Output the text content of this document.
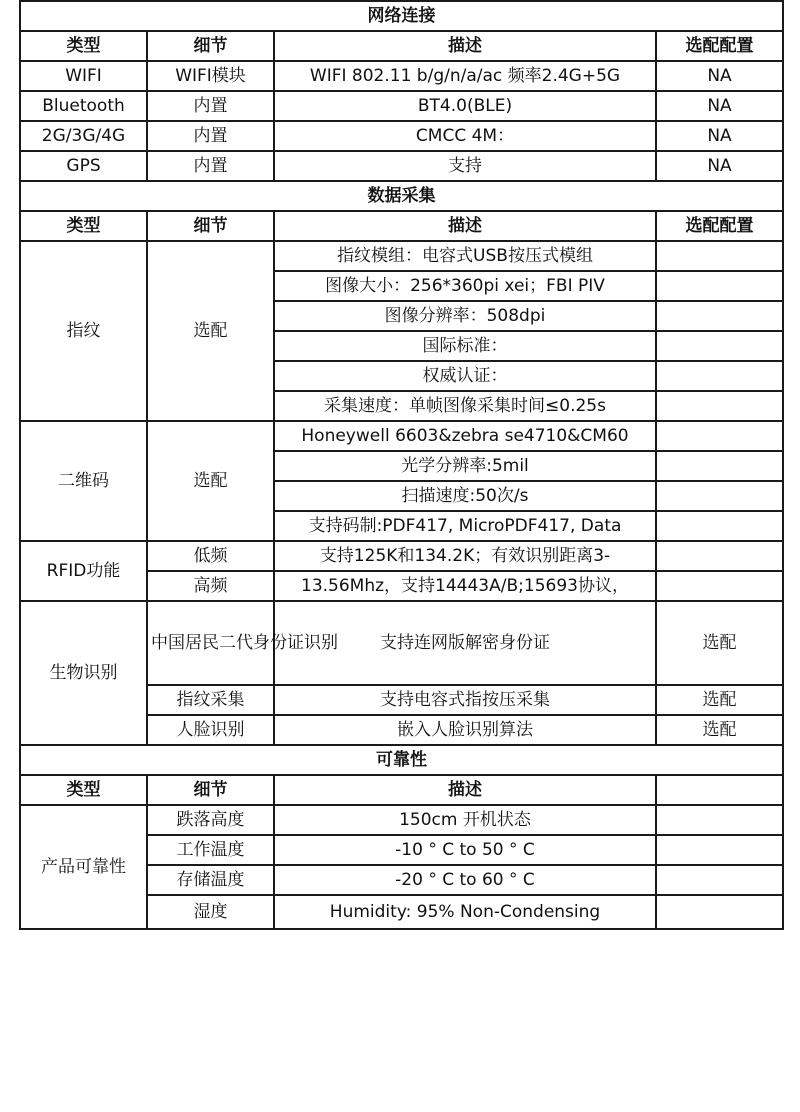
网络连接			
类型	细节	描述	选配配置
WIFI	WIFI模块	WIFI 802.11 b/g/n/a/ac 频率2.4G+5G	NA
Bluetooth	内置	BT4.0(BLE)	NA
2G/3G/4G	内置	CMCC 4M：	NA
GPS	内置	支持	NA
数据采集			
类型	细节	描述	选配配置
指纹	选配	指纹模组：电容式USB按压式模组	
		图像大小：256*360pi xei；FBI PIV	
		图像分辨率：508dpi	
		国际标准：	
		权威认证：	
		采集速度：单帧图像采集时间≤0.25s	
二维码	选配	Honeywell 6603&zebra se4710&CM60	
		光学分辨率:5mil	
		扫描速度:50次/s	
		支持码制:PDF417, MicroPDF417, Data	
RFID功能	低频	支持125K和134.2K；有效识别距离3-	
	高频	13.56Mhz，支持14443A/B;15693协议，	
生物识别	中国居民二代身份证识别	支持连网版解密身份证	选配
	指纹采集	支持电容式指按压采集	选配
	人脸识别	嵌入人脸识别算法	选配
可靠性			
类型	细节	描述	
产品可靠性	跌落高度	150cm 开机状态	
	工作温度	-10 ° C to 50 ° C	
	存储温度	-20 ° C to 60 ° C	
	湿度	Humidity: 95% Non-Condensing	
